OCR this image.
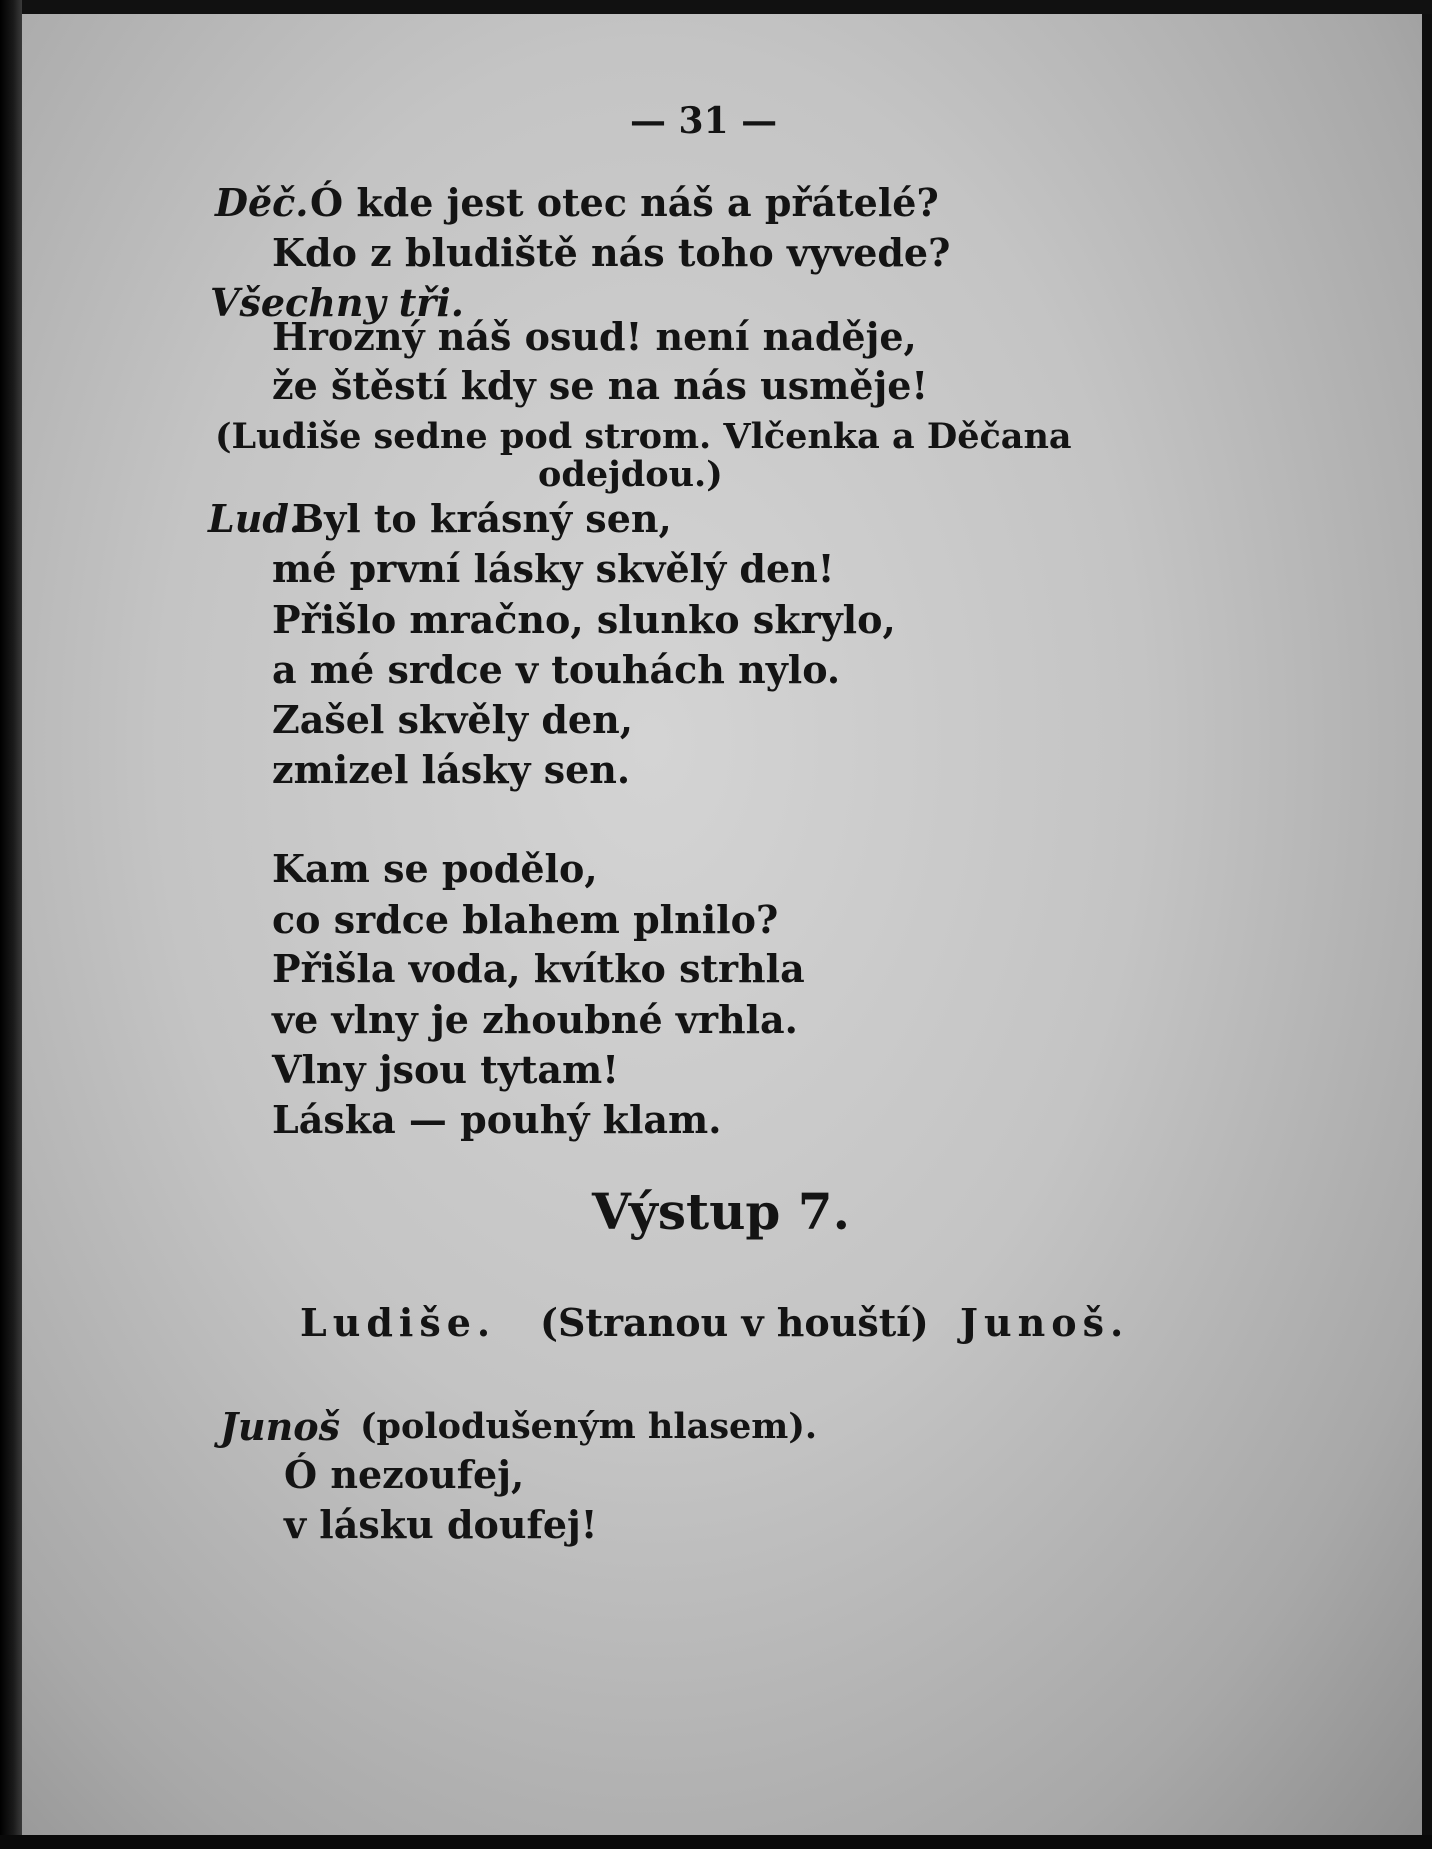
— 31 —
Děč. Ó kde jest otec náš a přátelé?
Kdo z bludiště nás toho vyvede?
Všechny tři.
Hrozný náš osud! není naděje,
že štěstí kdy se na nás usměje!
(Ludiše sedne pod strom. Vlčenka a Děčana
odejdou.)
Lud.
Byl to krásný sen,
mé první lásky skvělý den!
Přišlo mračno, slunko skrylo,
a mé srdce v touhách nylo.
Zašel skvěly den,
zmizel lásky sen.
Kam se podělo,
co srdce blahem plnilo?
Přišla voda, kvítko strhla
ve vlny je zhoubné vrhla.
Vlny jsou tytam!
Láska — pouhý klam.
Výstup 7.
Ludiše. (Stranou v houští) Junoš.
Junoš (polodušeným hlasem).
Ó nezoufej,
v lásku doufej!
